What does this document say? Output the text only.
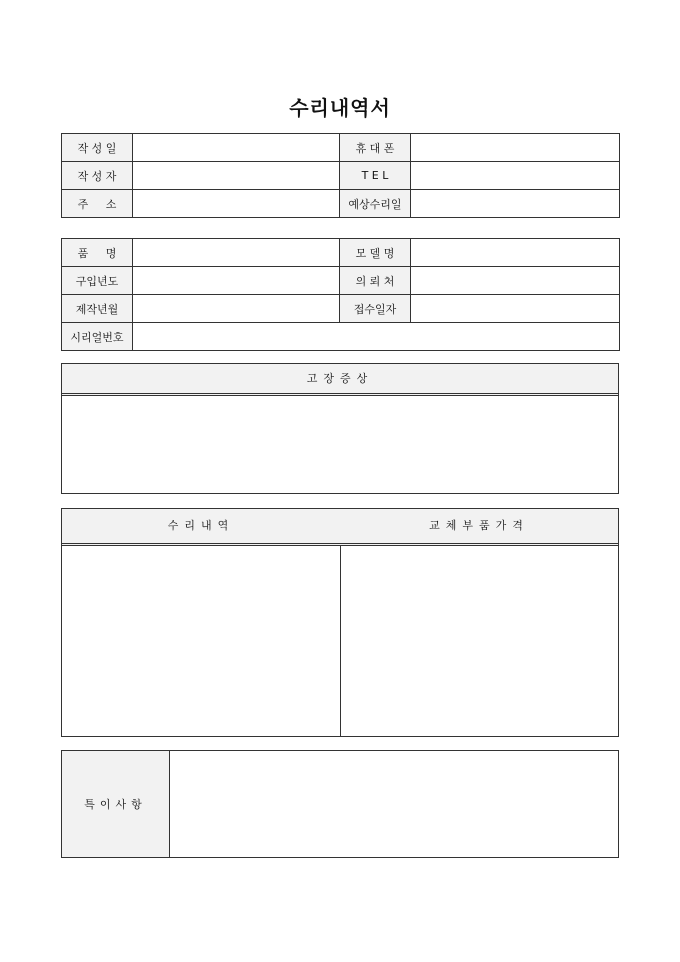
수리내역서
작 성 일		휴 대 폰	
작 성 자		T E L	
주     소		예상수리일	
품     명		모 델 명	
구입년도		의 뢰 처	
제작년월		접수일자	
시리얼번호			
고장증상
수리내역	교체부품가격
특이사항
